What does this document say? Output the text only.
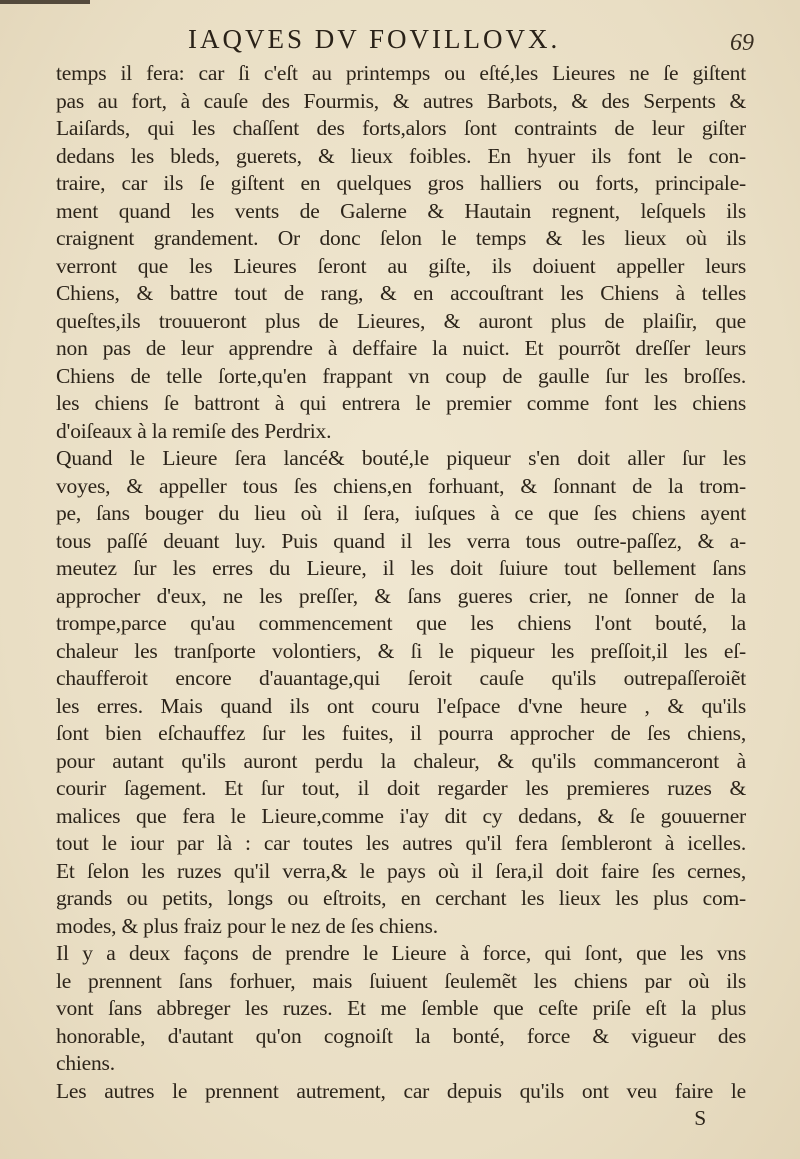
IAQVES DV FOVILLOVX.	69
temps il fera: car ſi c'eſt au printemps ou eſté,les Lieures ne ſe giſtent
pas au fort, à cauſe des Fourmis, & autres Barbots, & des Serpents &
Laiſards, qui les chaſſent des forts,alors ſont contraints de leur giſter
dedans les bleds, guerets, & lieux foibles. En hyuer ils font le con-
traire, car ils ſe giſtent en quelques gros halliers ou forts, principale-
ment quand les vents de Galerne & Hautain regnent, leſquels ils
craignent grandement. Or donc ſelon le temps & les lieux où ils
verront que les Lieures ſeront au giſte, ils doiuent appeller leurs
Chiens, & battre tout de rang, & en accouſtrant les Chiens à telles
queſtes,ils trouueront plus de Lieures, & auront plus de plaiſir, que
non pas de leur apprendre à deffaire la nuict. Et pourrõt dreſſer leurs
Chiens de telle ſorte,qu'en frappant vn coup de gaulle ſur les broſſes.
les chiens ſe battront à qui entrera le premier comme font les chiens
d'oiſeaux à la remiſe des Perdrix.
Quand le Lieure ſera lancé& bouté,le piqueur s'en doit aller ſur les
voyes, & appeller tous ſes chiens,en forhuant, & ſonnant de la trom-
pe, ſans bouger du lieu où il ſera, iuſques à ce que ſes chiens ayent
tous paſſé deuant luy. Puis quand il les verra tous outre-paſſez, & a-
meutez ſur les erres du Lieure, il les doit ſuiure tout bellement ſans
approcher d'eux, ne les preſſer, & ſans gueres crier, ne ſonner de la
trompe,parce qu'au commencement que les chiens l'ont bouté, la
chaleur les tranſporte volontiers, & ſi le piqueur les preſſoit,il les eſ-
chaufferoit encore d'auantage,qui ſeroit cauſe qu'ils outrepaſſeroiẽt
les erres. Mais quand ils ont couru l'eſpace d'vne heure , & qu'ils
ſont bien eſchauffez ſur les fuites, il pourra approcher de ſes chiens,
pour autant qu'ils auront perdu la chaleur, & qu'ils commanceront à
courir ſagement. Et ſur tout, il doit regarder les premieres ruzes &
malices que fera le Lieure,comme i'ay dit cy dedans, & ſe gouuerner
tout le iour par là : car toutes les autres qu'il fera ſembleront à icelles.
Et ſelon les ruzes qu'il verra,& le pays où il ſera,il doit faire ſes cernes,
grands ou petits, longs ou eſtroits, en cerchant les lieux les plus com-
modes, & plus fraiz pour le nez de ſes chiens.
Il y a deux façons de prendre le Lieure à force, qui ſont, que les vns
le prennent ſans forhuer, mais ſuiuent ſeulemẽt les chiens par où ils
vont ſans abbreger les ruzes. Et me ſemble que ceſte priſe eſt la plus
honorable, d'autant qu'on cognoiſt la bonté, force & vigueur des
chiens.
Les autres le prennent autrement, car depuis qu'ils ont veu faire le
S
